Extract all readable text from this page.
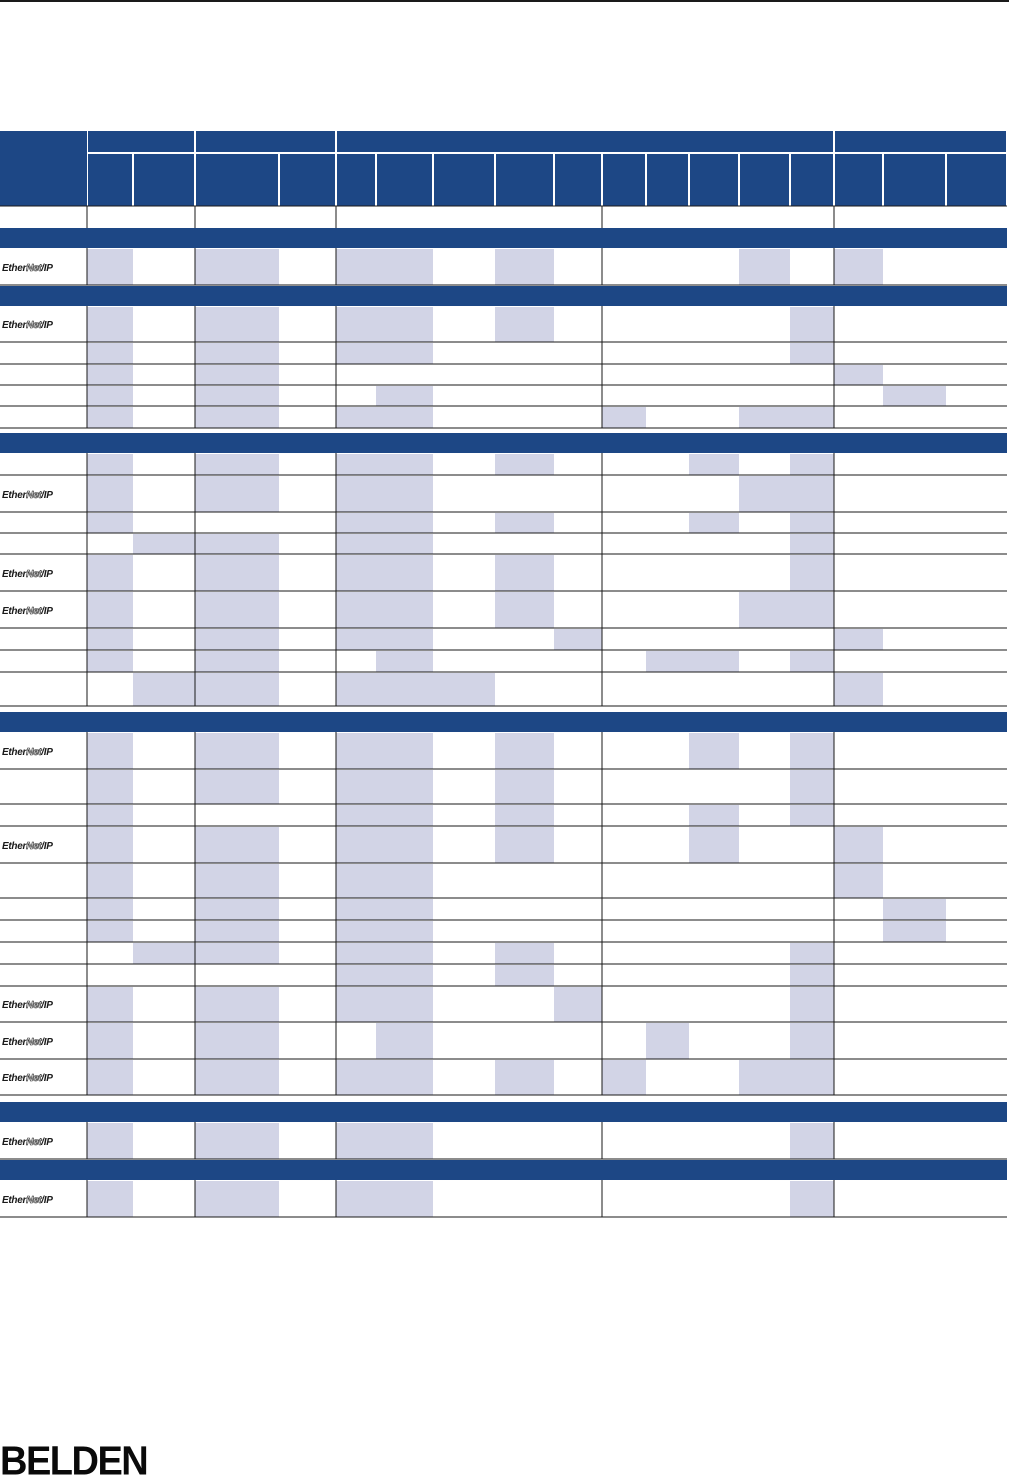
EtherNet/IP
EtherNet/IP
EtherNet/IP
EtherNet/IP
EtherNet/IP
EtherNet/IP
EtherNet/IP
EtherNet/IP
EtherNet/IP
EtherNet/IP
EtherNet/IP
EtherNet/IP
BELDEN
